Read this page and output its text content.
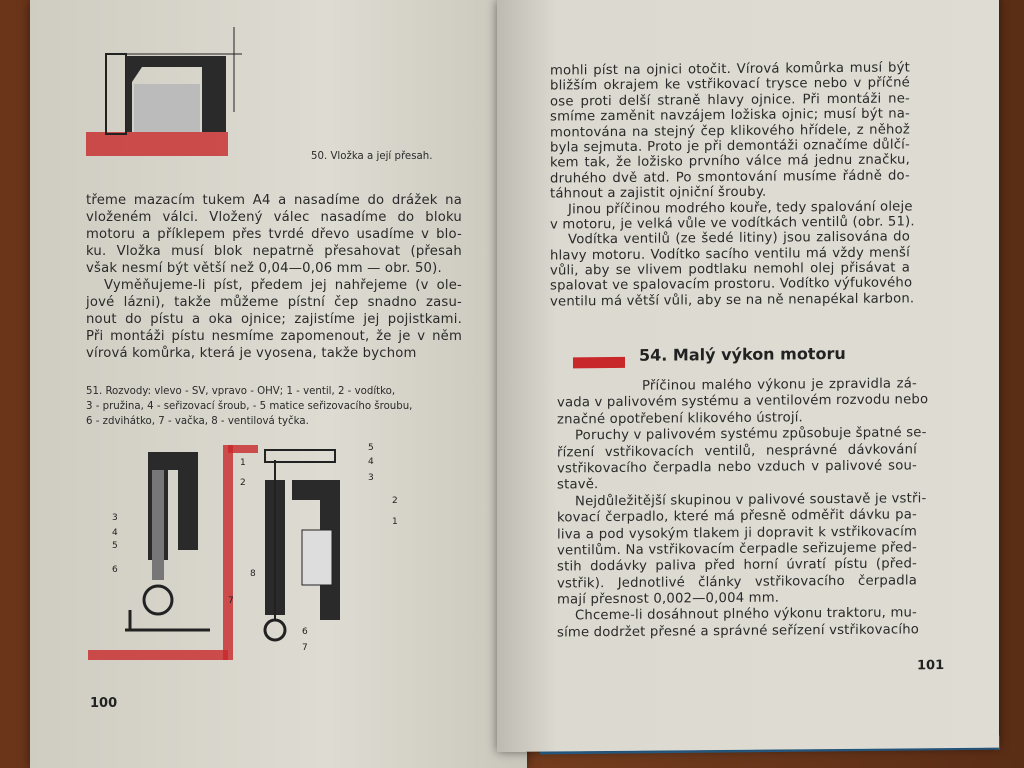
50. Vložka a její přesah.
třeme mazacím tukem A4 a nasadíme do drážek na
vloženém válci. Vložený válec nasadíme do bloku
motoru a příklepem přes tvrdé dřevo usadíme v blo-
ku. Vložka musí blok nepatrně přesahovat (přesah
však nesmí být větší než 0,04—0,06 mm — obr. 50).
Vyměňujeme-li píst, předem jej nahřejeme (v ole-
jové lázni), takže můžeme pístní čep snadno zasu-
nout do pístu a oka ojnice; zajistíme jej pojistkami.
Při montáži pístu nesmíme zapomenout, že je v něm
vírová komůrka, která je vyosena, takže bychom
51. Rozvody: vlevo - SV, vpravo - OHV; 1 - ventil, 2 - vodítko,
3 - pružina, 4 - seřizovací šroub, - 5 matice seřizovacího šroubu,
6 - zdvihátko, 7 - vačka, 8 - ventilová tyčka.
1
2
3
4
5
6
7
5
4
3
2
1
8
6
7
100
mohli píst na ojnici otočit. Vírová komůrka musí být
bližším okrajem ke vstřikovací trysce nebo v příčné
ose proti delší straně hlavy ojnice. Při montáži ne-
smíme zaměnit navzájem ložiska ojnic; musí být na-
montována na stejný čep klikového hřídele, z něhož
byla sejmuta. Proto je při demontáži označíme důlčí-
kem tak, že ložisko prvního válce má jednu značku,
druhého dvě atd. Po smontování musíme řádně do-
táhnout a zajistit ojniční šrouby.
Jinou příčinou modrého kouře, tedy spalování oleje
v motoru, je velká vůle ve vodítkách ventilů (obr. 51).
Vodítka ventilů (ze šedé litiny) jsou zalisována do
hlavy motoru. Vodítko sacího ventilu má vždy menší
vůli, aby se vlivem podtlaku nemohl olej přisávat a
spalovat ve spalovacím prostoru. Vodítko výfukového
ventilu má větší vůli, aby se na ně nenapékal karbon.
54. Malý výkon motoru
Příčinou malého výkonu je zpravidla zá-
vada v palivovém systému a ventilovém rozvodu nebo
značné opotřebení klikového ústrojí.
Poruchy v palivovém systému způsobuje špatné se-
řízení vstřikovacích ventilů, nesprávné dávkování
vstřikovacího čerpadla nebo vzduch v palivové sou-
stavě.
Nejdůležitější skupinou v palivové soustavě je vstři-
kovací čerpadlo, které má přesně odměřit dávku pa-
liva a pod vysokým tlakem ji dopravit k vstřikovacím
ventilům. Na vstřikovacím čerpadle seřizujeme před-
stih dodávky paliva před horní úvratí pístu (před-
vstřik). Jednotlivé články vstřikovacího čerpadla
mají přesnost 0,002—0,004 mm.
Chceme-li dosáhnout plného výkonu traktoru, mu-
síme dodržet přesné a správné seřízení vstřikovacího
101
